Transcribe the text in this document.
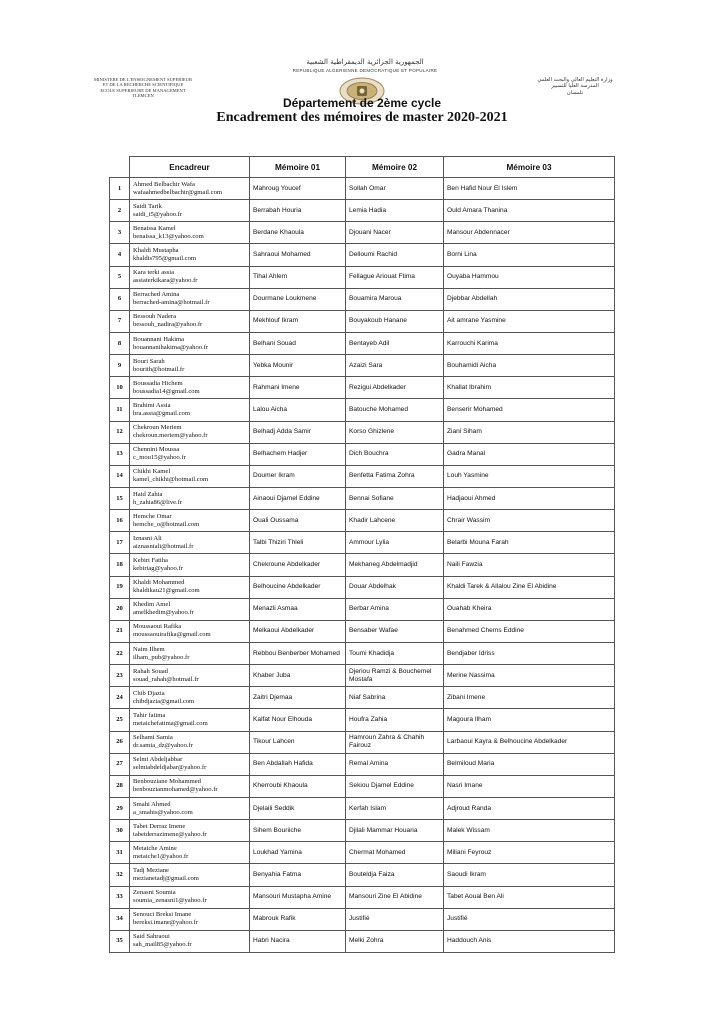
الجمهورية الجزائرية الديمقراطية الشعبية
REPUBLIQUE ALGERIENNE DEMOCRATIQUE ET POPULAIRE
MINISTERE DE L'ENSEIGNEMENT SUPERIEUR
ET DE LA RECHERCHE SCIENTIFIQUE
ECOLE SUPERIEURE DE MANAGEMENT
TLEMCEN
وزارة التعليم العالي والبحث العلمي
المدرسة العليا للتسيير
تلمسان
Département de 2ème cycle
Encadrement des mémoires de master 2020-2021
	Encadreur	Mémoire 01	Mémoire 02	Mémoire 03
1	Ahmed Belbachir Wafa
wafaahmedbelbachir@gmail.com	Mahroug Youcef	Sollah Omar	Ben Hafid Nour El Islem
2	Saidi Tarik
saidi_t5@yahoo.fr	Berrabah Houria	Lemia Hadia	Ould Amara Thanina
3	Benaissa Kamel
benaissa_k13@yahoo.com	Berdane Khaoula	Djouani Nacer	Mansour Abdennacer
4	Khaldi Mustapha
khaldis795@gmail.com	Sahraoui Mohamed	Delloumi Rachid	Borni Lina
5	Kara terki assia
assiaterkikara@yahoo.fr	Tihal Ahlem	Fellague Ariouat Ftima	Ouyaba Hammou
6	Berrached Amina
berrached-amina@hotmail.fr	Dourmane Loukmene	Bouamira Maroua	Djebbar Abdellah
7	Bessouh Nadera
bessouh_nadira@yahoo.fr	Mekhlouf Ikram	Bouyakoub Hanane	Ait amrane Yasmine
8	Bouannani Hakima
bouannanihakima@yahoo.fr	Belhani Souad	Bentayeb Adil	Karrouchi Karima
9	Bouri Sarah
bourith@hotmail.fr	Yebka Mounir	Azaizi Sara	Bouhamidi Aicha
10	Boussadia Hichem
boussadia14@gmail.com	Rahmani Imene	Rezigui Abdelkader	Khallat Ibrahim
11	Brahimi Assia
bra.assia@gmail.com	Lalou Aicha	Batouche Mohamed	Benserir Mohamed
12	Chekroun Meriem
chekroun.meriem@yahoo.fr	Belhadj Adda Samir	Korso Ghizlene	Ziani Siham
13	Chennini Moussa
c_mou15@yahoo.fr	Belhachem Hadjer	Dich Bouchra	Gadra Manal
14	Chikhi Kamel
kamel_chikhi@hotmail.com	Doumer Ikram	Benfetta Fatima Zohra	Louh Yasmine
15	Haid Zahia
h_zahia86@live.fr	Ainaoui Djamel Eddine	Bennai Sofiane	Hadjaoui Ahmed
16	Hemche Omar
hemche_o@hotmail.com	Ouali Oussama	Khadir Lahcene	Chrair Wassim
17	Iznasni Ali
aiznasniali@hotmail.fr	Talbi Thiziri Thleli	Ammour Lylia	Belarbi Mouna Farah
18	Kebiri Fatiha
kebiriag@yahoo.fr	Chekroune Abdelkader	Mekhaneg Abdelmadjid	Naili Fawzia
19	Khaldi Mohammed
khaldikau21@gmail.com	Belhoucine Abdelkader	Douar Abdelhak	Khaldi Tarek & Allalou Zine El Abidine
20	Khedim Amel
amelkhedim@yahoo.fr	Menazli Asmaa	Berbar Amina	Ouahab Kheira
21	Moussaoui Rafika
moussaouirafika@gmail.com	Melkaoui Abdelkader	Bensaber Wafae	Benahmed Chems Eddine
22	Naim Ilhem
ilham_pub@yahoo.fr	Rebbou Benberber Mohamed	Toumi Khadidja	Bendjaber Idriss
23	Rahah Souad
souad_rahah@hotmail.fr	Khaber Juba	Djeriou Ramzi & Bouchemel Mostafa	Merine Nassima
24	Chib Djazia
chibdjazia@gmail.com	Zaitri Djemaa	Niaf Sabrina	Zibani Imene
25	Tahir fatima
metaichefatima@gmail.com	Kalfat Nour Elhouda	Houfra Zahia	Magoura Ilham
26	Selhami Samia
dr.samia_dz@yahoo.fr	Tikour Lahcen	Hamroun Zahra & Chahih Fairouz	Larbaoui Kayra & Belhoucine Abdelkader
27	Selmi Abdeljabbar
selmiabdeldjabar@yahoo.fr	Ben Abdallah Hafida	Remal Amina	Belmiloud Maria
28	Benbouziane Mohammed
benbouzianmohamed@yahoo.fr	Kherroubi Khaoula	Sekiou Djamel Eddine	Nasri Imane
29	Smahi Ahmed
a_smahis@yahoo.com	Djelaili Seddik	Kerfah Islam	Adjroud Randa
30	Tabet Derraz Imene
tabetderrazimene@yahoo.fr	Sihem Bouriiche	Djilali Mammar Houaria	Malek Wissam
31	Metaiche Amine
metaiche1@yahoo.fr	Loukhad Yamina	Chermat Mohamed	Miliani Feyrouz
32	Tadj Meziane
mezianetadj@gmail.com	Benyahia Fatma	Bouteldja Faiza	Saoudi Ikram
33	Zenasni Soumia
soumia_zenasni1@yahoo.fr	Mansouri Mustapha Amine	Mansouri Zine El Abidine	Tabet Aoual Ben Ali
34	Senouci Breksi Imane
bereksi.imane@yahoo.fr	Mabrouk Rafik	Justifié	Justifié
35	Said Sahraoui
sah_mail85@yahoo.fr	Habri Nacira	Melki Zohra	Haddouch Anis
